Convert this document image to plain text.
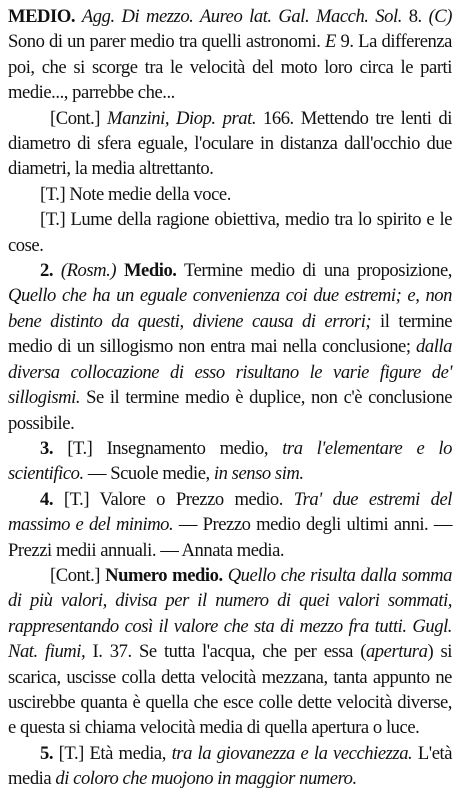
MEDIO. Agg. Di mezzo. Aureo lat. Gal. Macch. Sol. 8. (C) Sono di un parer medio tra quelli astronomi. E 9. La differenza poi, che si scorge tra le velocità del moto loro circa le parti medie..., parrebbe che...

[Cont.] Manzini, Diop. prat. 166. Mettendo tre lenti di diametro di sfera eguale, l'oculare in distanza dall'occhio due diametri, la media altrettanto.

[T.] Note medie della voce.

[T.] Lume della ragione obiettiva, medio tra lo spirito e le cose.

2. (Rosm.) Medio. Termine medio di una proposizione, Quello che ha un eguale convenienza coi due estremi; e, non bene distinto da questi, diviene causa di errori; il termine medio di un sillogismo non entra mai nella conclusione; dalla diversa collocazione di esso risultano le varie figure de' sillogismi. Se il termine medio è duplice, non c'è conclusione possibile.

3. [T.] Insegnamento medio, tra l'elementare e lo scientifico. — Scuole medie, in senso sim.

4. [T.] Valore o Prezzo medio. Tra' due estremi del massimo e del minimo. — Prezzo medio degli ultimi anni. — Prezzi medii annuali. — Annata media.

[Cont.] Numero medio. Quello che risulta dalla somma di più valori, divisa per il numero di quei valori sommati, rappresentando così il valore che sta di mezzo fra tutti. Gugl. Nat. fiumi, I. 37. Se tutta l'acqua, che per essa (apertura) si scarica, uscisse colla detta velocità mezzana, tanta appunto ne uscirebbe quanta è quella che esce colle dette velocità diverse, e questa si chiama velocità media di quella apertura o luce.

5. [T.] Età media, tra la giovanezza e la vecchiezza. L'età media di coloro che muojono in maggior numero.
